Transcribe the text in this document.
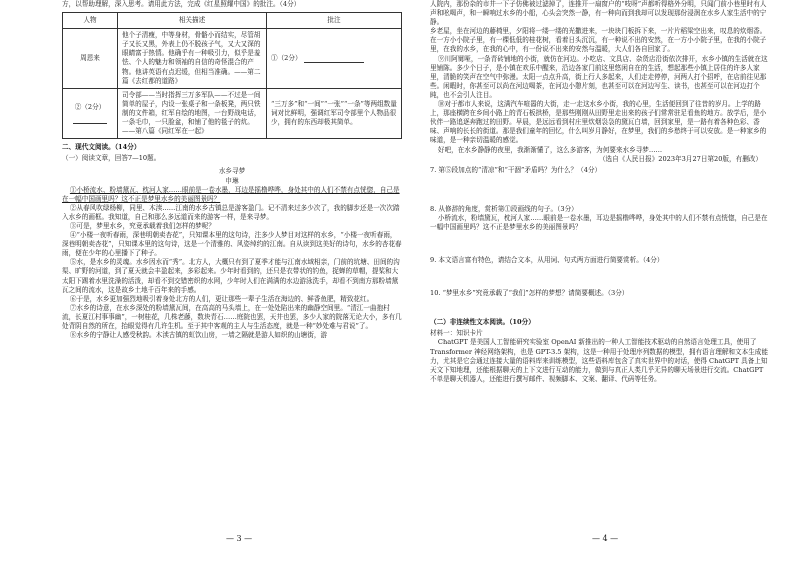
方，以帮助理解，深入思考。请用此方法，完成《红星照耀中国》的批注。（4分）

人物	相关描述	批注
周恩来	他个子清瘦，中等身材，骨骼小而结实，尽管胡子又长又黑，外表上仍不脱孩子气，又大又深的眼睛富于热情。他确乎有一种吸引力，似乎是羞怯、个人的魅力和领袖的自信的奇怪混合的产物。他讲英语有点迟缓，但相当准确。——第二篇《去红都的道路》	①（2分）
②（2分）	司令部——当时指挥三万多军队——不过是一间简单的屋子，内设一张桌子和一条板凳，两只铁制的文件箱，红军自绘的地图，一台野战电话，一条毛巾，一只脸盆，和铺了他的毯子的炕。——第八篇《同红军在一起》	“三万多”和“一间”“一张”“一条”等两组数量词对比鲜明，强调红军司令部里个人物品很少，拥有的东西却极其简单。

二、现代文阅读。（14分）

（一）阅读文章，回答7—10题。

水乡寻梦

申琳

①小桥流水、粉墙黛瓦、枕河人家……眼前是一卷水墨，耳边是摇橹哗哗，身处其中的人们不禁有点恍惚，自己是在一幅中国画里吗？这不正是梦里水乡的美丽图景吗？

②从春风吹绿杨柳，同里、木渎……江南的水乡古镇总是游客盈门。记不清来过多少次了，我的脚步还是一次次踏入水乡的画框。我知道，自己和那么多远道而来的游客一样，是来寻梦。

③可是，梦里水乡，究竟承载着我们怎样的梦呢？

④“小楼一夜听春雨，深巷明朝卖杏花”，只知课本里的这句诗，注多少人梦目对这样的水乡，“小楼一夜听春雨，深巷明朝卖杏花”，只知课本里的这句诗，这是一个清雅的、风姿绰约的江南。自从读到这美好的诗句，水乡的杏花春雨，便在少年的心里播下了种子。

⑤水，是水乡的灵魂。水乡因水而“秀”。北方人，大概只有到了夏季才能与江南水域相亲，门前的坑塘、田间的沟渠、旷野的河道，到了夏天就会丰盈起来，多彩起来。少年时看到的，还只是衣带状的钓鱼，捉蝉的草帽，提桨和大太阳下踢着水里洗澡的活泼，却看不到交错密织的水网，少年时人们在满满的水边游泳洗手，却看不到南方那粉墙黛瓦之间的流水，这是故乡土地千百年来的手感。

⑥于是，水乡更加强烈地吸引着身处北方的人们，更让那些一辈子生活在海边的、鲜香鱼肥，精致花红。

⑦水乡的诗意，在水乡深处的粉墙黛瓦间，在高高的马头墙上，在一处处陷出来的幽静空间里。“清江一曲抱村流，长夏江村事事幽”，一树桂花，几株老藤，数块青石……庭院也罢，天井也罢，多少人家的院落无论大小，多有几处背阴自然的所在，抬眼觉得有几许生机。至于其中客观的主人与生活态度，就是一种“妙处难与君说”了。

⑧水乡的宁静让人感受秋韵。木渎古镇的虹饮山房，一墙之隔就是游人如织的山塘街，游

— 3 —

人院内，那份杂的市井一下子仿佛被过滤掉了，连推开一扇窗户的“吱呀”声都听得格外分明，只闻门前小巷里时有人声和吆喝声，和一瞬响过水乡的小船，心头会突然一静，有一种向而到我却可以发现那份浸润在水乡人家生活中的宁静。

乡老屋，坐在河边的藤椅里，夕阳将一缕一缕的光撒进来，一块块门板拆下来，一片片稻梁空出来，叹息的炊烟香。在一方小小院子里，有一棵低低的桂花树，看着日头沉沉，有一种说不出的安然，在一方小小院子里，在我的小院子里，在我的水乡，在我的心中，有一份说不出来的安然与温暖，大人们各自回家了。

⑨川阿舅哑，一条青砖铺地的小街，就仿在河边。小吃店、文具店、杂货店沿街依次排开，水乡小镇的生活就在这里铺陈。多少个日子，是小镇在欢乐中醒来，沿边各家门前这里悠闲自在的生活，想起那些小镇上居住的许多人家里，清脆的笑声在空气中弥漫。太阳一点点升高，街上行人多起来，人们走走停停，河两人打个招呼，在店前往见那些。闲暇时，你甚至可以尚在河边喝茶，在河边小憩片刻，也甚至可以在河边写生、读书，也甚至可以在河边打个盹，也不会引人注目。

⑩对于都市人来说，这满汽车喧嚣的大街，走一走这水乡小街，我的心里，生活便回到了往昔的岁月。上学的路上，那座横跨在乡间小路上的青石板拱桥，是那些刚刚从田野里走出来的孩子们常常驻足看鱼的地方。放学后，是小伙伴一路追逐奔跑过的田野。早晨，是远远看到村庄里炊烟袅袅的黛瓦白墙，回到家里，是一路有着各种色彩、香味、声响的长长的街道。那是我们童年的回忆，什么叫岁月静好，在梦里，我们的乡愁终于可以安放。是一种家乡的味道，是一种亲切温暖的感觉。

好吧，在水乡静静的夜里，我渐渐懂了，这么多游客，为何要来水乡寻梦……

（选自《人民日报》2023年3月27日第20版，有删改）

7. 第⑤段加点的“清凉”和“干涸”矛盾吗？为什么？（4分）

8. 从修辞的角度，赏析第①段画线的句子。（3分）

小桥流水，粉墙黛瓦，枕河人家……眼前是一卷水墨，耳边是摇橹哗哗，身处其中的人们不禁有点恍惚，自己是在一幅中国画里吗？这不正是梦里水乡的美丽图景吗？

9. 本文语言富有特色，请结合文本，从用词、句式两方面进行简要赏析。（4分）

10. “梦里水乡”究竟承载了“我们”怎样的梦想？请简要概述。（3分）

（二）非连续性文本阅读。（10分）

材料一：知识卡片

ChatGPT 是美国人工智能研究实验室 OpenAI 新推出的一种人工智能技术驱动的自然语言处理工具，使用了 Transformer 神经网络架构，也是 GPT-3.5 架构，这是一种用于处理序列数据的模型，拥有语言理解和文本生成能力，尤其是它会通过连接大量的语料库来训练模型，这些语料库包含了真实世界中的对话，使得 ChatGPT 具备上知天文下知地理，还能根据聊天的上下文进行互动的能力，做到与真正人类几乎无异的聊天场景进行交流。ChatGPT 不单是聊天机器人，还能进行撰写邮件、视频脚本、文案、翻译、代码等任务。

— 4 —
